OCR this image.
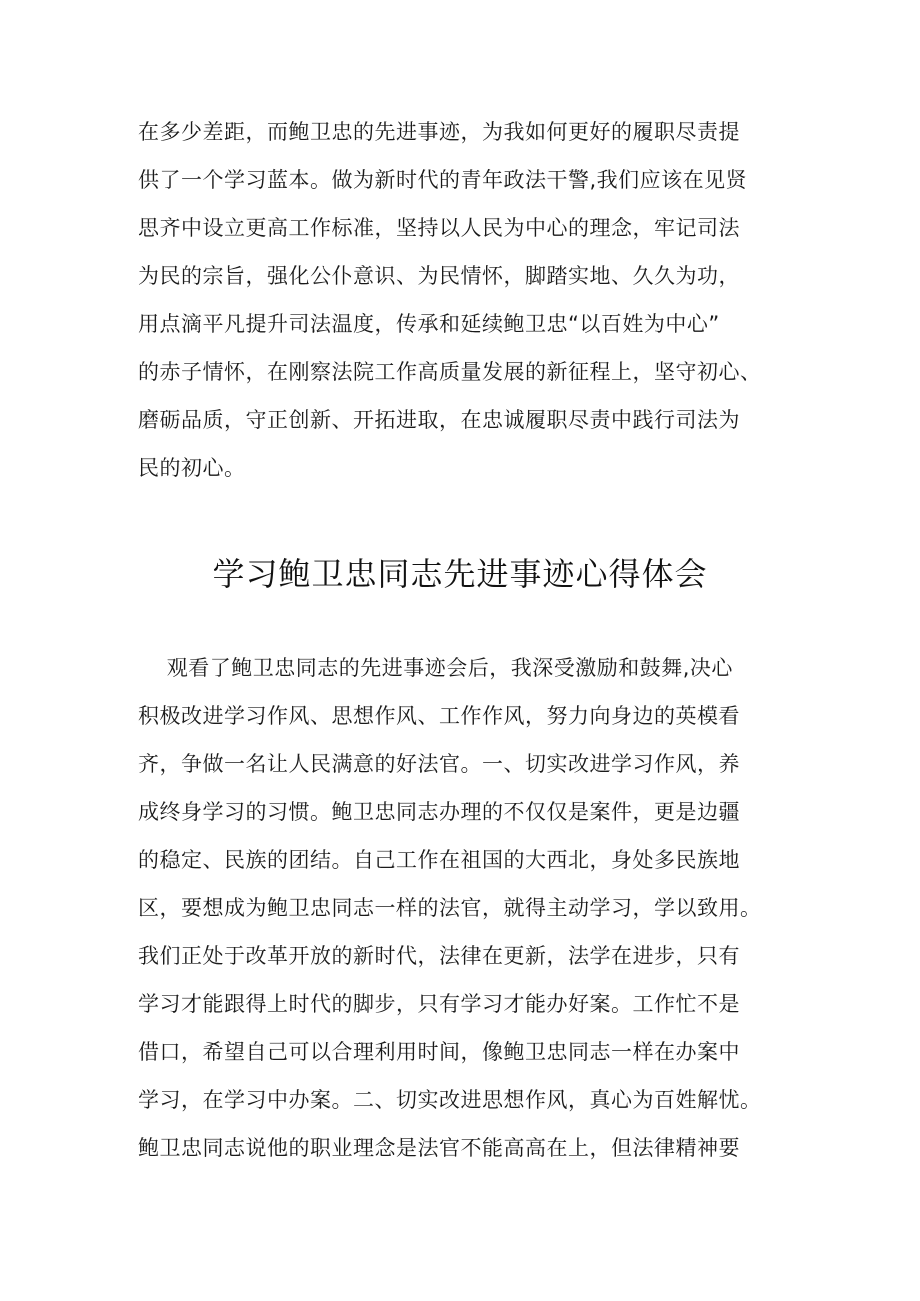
在多少差距，而鲍卫忠的先进事迹，为我如何更好的履职尽责提
供了一个学习蓝本。做为新时代的青年政法干警,我们应该在见贤
思齐中设立更高工作标准，坚持以人民为中心的理念，牢记司法
为民的宗旨，强化公仆意识、为民情怀，脚踏实地、久久为功，
用点滴平凡提升司法温度，传承和延续鲍卫忠“以百姓为中心”
的赤子情怀，在刚察法院工作高质量发展的新征程上，坚守初心、
磨砺品质，守正创新、开拓进取，在忠诚履职尽责中践行司法为
民的初心。
学习鲍卫忠同志先进事迹心得体会
观看了鲍卫忠同志的先进事迹会后，我深受激励和鼓舞,决心
积极改进学习作风、思想作风、工作作风，努力向身边的英模看
齐，争做一名让人民满意的好法官。一、切实改进学习作风，养
成终身学习的习惯。鲍卫忠同志办理的不仅仅是案件，更是边疆
的稳定、民族的团结。自己工作在祖国的大西北，身处多民族地
区，要想成为鲍卫忠同志一样的法官，就得主动学习，学以致用。
我们正处于改革开放的新时代，法律在更新，法学在进步，只有
学习才能跟得上时代的脚步，只有学习才能办好案。工作忙不是
借口，希望自己可以合理利用时间，像鲍卫忠同志一样在办案中
学习，在学习中办案。二、切实改进思想作风，真心为百姓解忧。
鲍卫忠同志说他的职业理念是法官不能高高在上，但法律精神要
